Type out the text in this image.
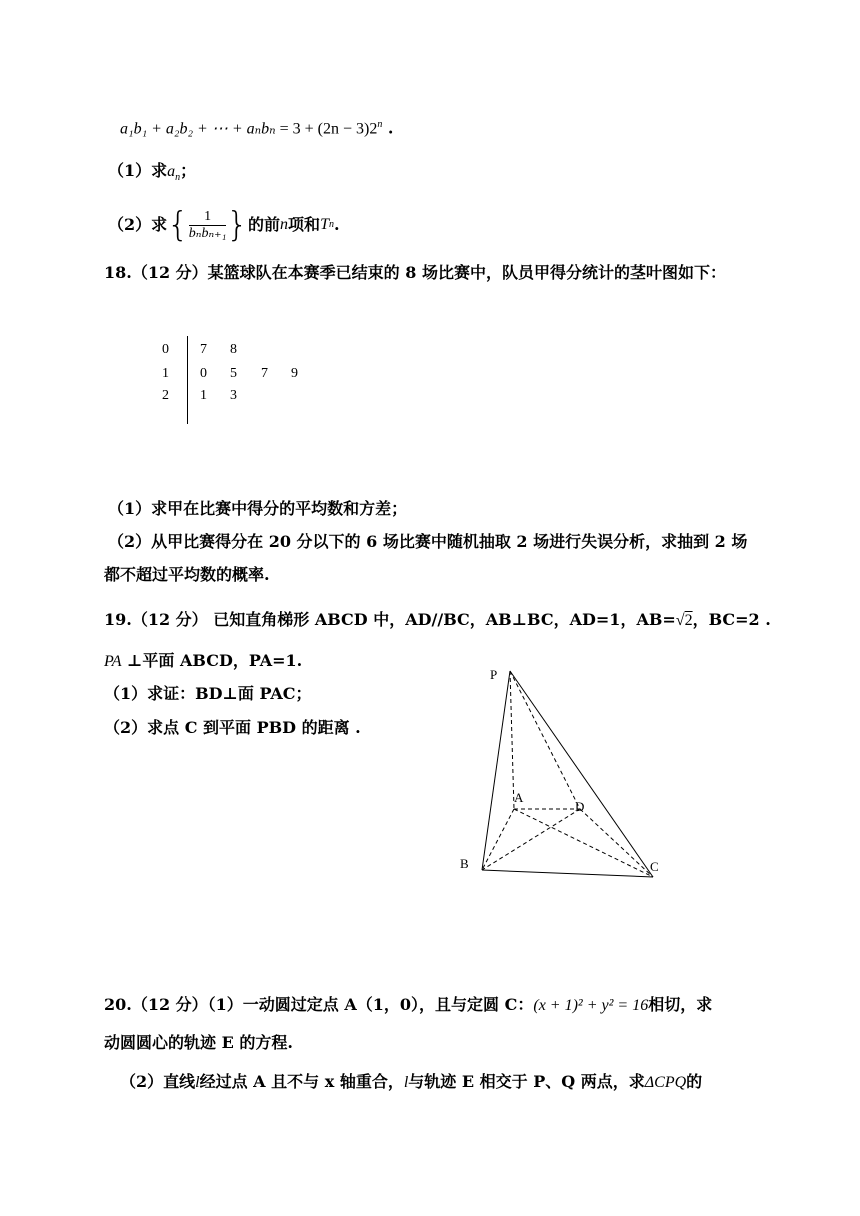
a₁b₁ + a₂b₂ + ⋯ + $a_nb_n = 3 + (2n - 3)2^n$ .
（1）求$a_n$；
（2）求 { $\frac{1}{\text{bₙbₙ₊₁}}$ } 的前 n 项和 T n .
18.（12 分）某篮球队在本赛季已结束的 8 场比赛中，队员甲得分统计的茎叶图如下：
0 7 8
1 0 5 7 9
2 1 3
（1）求甲在比赛中得分的平均数和方差；
（2）从甲比赛得分在 20 分以下的 6 场比赛中随机抽取 2 场进行失误分析，求抽到 2 场
都不超过平均数的概率.
19.（12 分） 已知直角梯形 ABCD 中，AD//BC，AB⊥BC，AD=1，AB=√2，BC=2 .
PA ⊥平面 ABCD，PA=1.
（1）求证：BD⊥面 PAC；
（2）求点 C 到平面 PBD 的距离 .
P
A
D
B	C
20.（12 分）（1）一动圆过定点 A（1，0），且与定圆 C：(x + 1)² + y² = 16相切，求
动圆圆心的轨迹 E 的方程.
（2）直线l经过点 A 且不与 x 轴重合，l与轨迹 E 相交于 P、Q 两点，求ΔCPQ的
